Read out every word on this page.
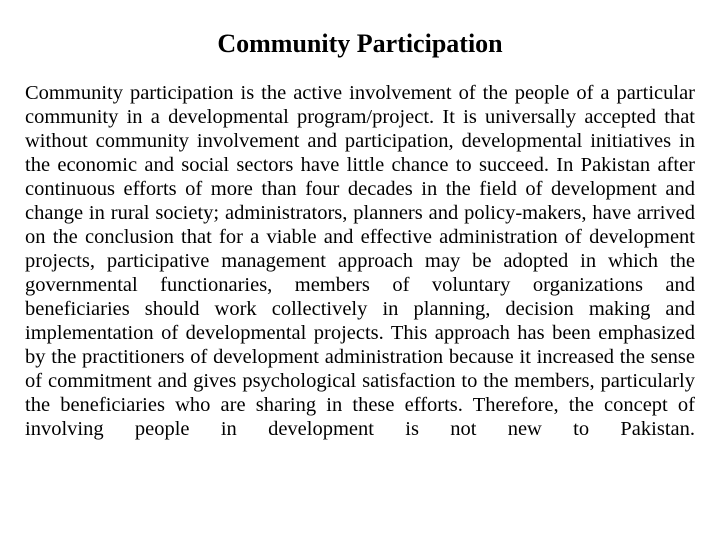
Community Participation

Community participation is the active involvement of the people of a particular community in a developmental program/project. It is universally accepted that without community involvement and participation, developmental initiatives in the economic and social sectors have little chance to succeed. In Pakistan after continuous efforts of more than four decades in the field of development and change in rural society; administrators, planners and policy-makers, have arrived on the conclusion that for a viable and effective administration of development projects, participative management approach may be adopted in which the governmental functionaries, members of voluntary organizations and beneficiaries should work collectively in planning, decision making and implementation of developmental projects. This approach has been emphasized by the practitioners of development administration because it increased the sense of commitment and gives psychological satisfaction to the members, particularly the beneficiaries who are sharing in these efforts. Therefore, the concept of involving people in development is not new to Pakistan.
